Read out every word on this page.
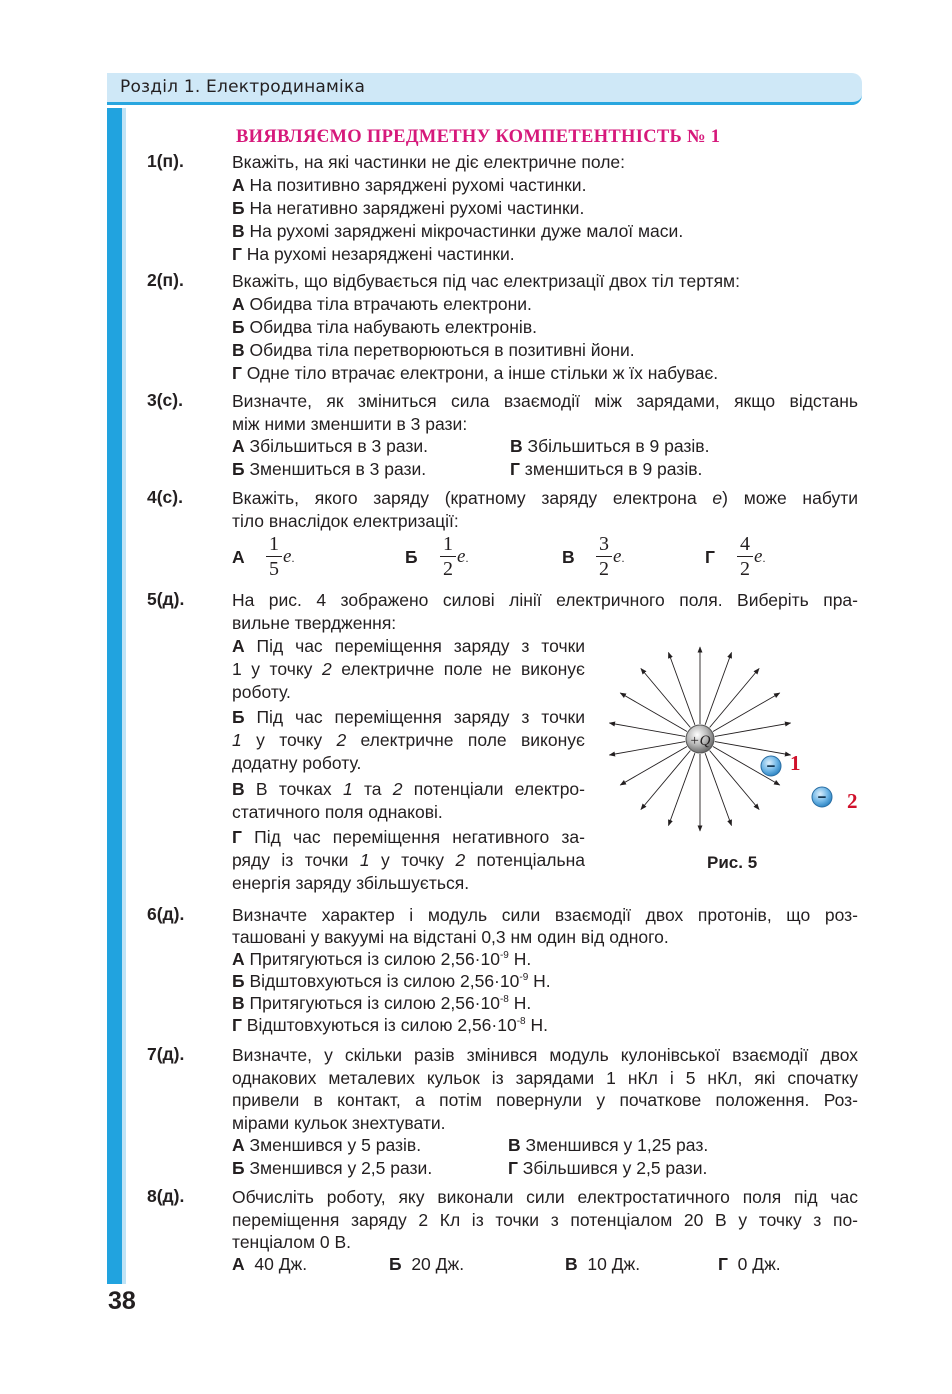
Розділ 1. Електродинаміка
ВИЯВЛЯЄМО ПРЕДМЕТНУ КОМПЕТЕНТНІСТЬ № 1
1(п).	Вкажіть, на які частинки не діє електричне поле:
А На позитивно заряджені рухомі частинки.
Б На негативно заряджені рухомі частинки.
В На рухомі заряджені мікрочастинки дуже малої маси.
Г На рухомі незаряджені частинки.
2(п).	Вкажіть, що відбувається під час електризації двох тіл тертям:
А Обидва тіла втрачають електрони.
Б Обидва тіла набувають електронів.
В Обидва тіла перетворюються в позитивні йони.
Г Одне тіло втрачає електрони, а інше стільки ж їх набуває.
3(с).	Визначте, як зміниться сила взаємодії між зарядами, якщо відстань
між ними зменшити в 3 рази:
А Збільшиться в 3 рази.	В Збільшиться в 9 разів.
Б Зменшиться в 3 рази.	Г зменшиться в 9 разів.
4(с).	Вкажіть, якого заряду (кратному заряду електрона e) може набути
тіло внаслідок електризації:
А
1
5
e.	Б
1
2
e.	В
3
2
e.	Г
4
2
e.
5(д).	На рис. 4 зображено силові лінії електричного поля. Виберіть пра-
вильне твердження:
А Під час переміщення заряду з точки
1 у точку 2 електричне поле не виконує
роботу.
Б Під час переміщення заряду з точки
1 у точку 2 електричне поле виконує
додатну роботу.
В В точках 1 та 2 потенціали електро-
статичного поля однакові.
Г Під час переміщення негативного за-
ряду із точки 1 у точку 2 потенціальна
енергія заряду збільшується.
+Q
− 1
− 2
Рис. 5
6(д).	Визначте характер і модуль сили взаємодії двох протонів, що роз-
ташовані у вакуумі на відстані 0,3 нм один від одного.
А Притягуються із силою $2,56\cdot 10^{-9}$ Н.
Б Відштовхуються із силою $2,56\cdot 10^{-9}$ Н.
В Притягуються із силою $2,56\cdot 10^{-8}$ Н.
Г Відштовхуються із силою $2,56\cdot 10^{-8}$ Н.
7(д).	Визначте, у скільки разів змінився модуль кулонівської взаємодії двох
однакових металевих кульок із зарядами 1 нКл і 5 нКл, які спочатку
привели в контакт, а потім повернули у початкове положення. Роз-
мірами кульок знехтувати.
А Зменшився у 5 разів.	В Зменшився у 1,25 раз.
Б Зменшився у 2,5 рази.	Г Збільшився у 2,5 рази.
8(д).	Обчисліть роботу, яку виконали сили електростатичного поля під час
переміщення заряду 2 Кл із точки з потенціалом 20 В у точку з по-
тенціалом 0 В.
А 40 Дж.	Б 20 Дж.	В 10 Дж.	Г 0 Дж.
38
